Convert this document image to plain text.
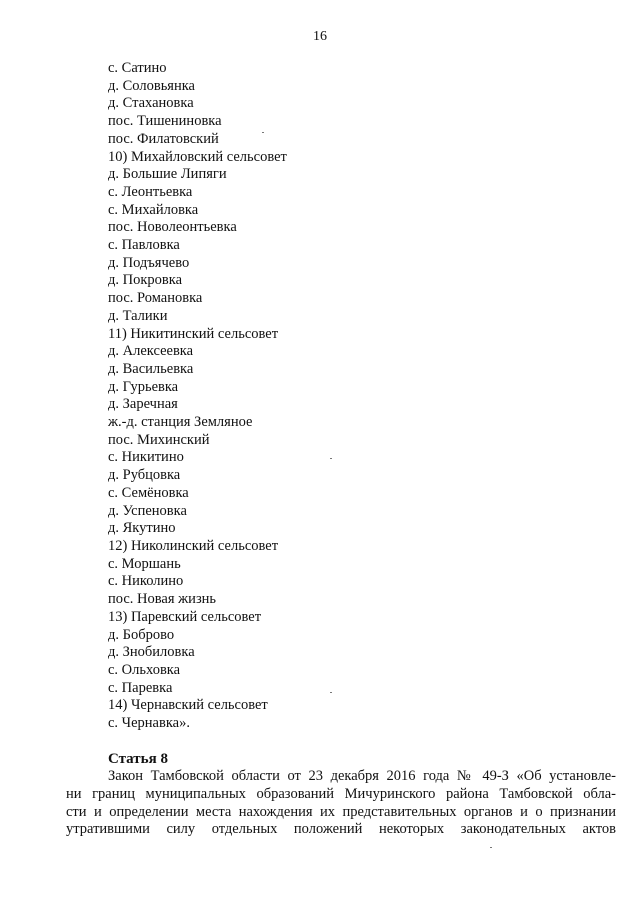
16
с. Сатино
д. Соловьянка
д. Стахановка
пос. Тишениновка
пос. Филатовский
10) Михайловский сельсовет
д. Большие Липяги
с. Леонтьевка
с. Михайловка
пос. Новолеонтьевка
с. Павловка
д. Подъячево
д. Покровка
пос. Романовка
д. Талики
11) Никитинский сельсовет
д. Алексеевка
д. Васильевка
д. Гурьевка
д. Заречная
ж.-д. станция Земляное
пос. Михинский
с. Никитино
д. Рубцовка
с. Семёновка
д. Успеновка
д. Якутино
12) Николинский сельсовет
с. Моршань
с. Николино
пос. Новая жизнь
13) Паревский сельсовет
д. Боброво
д. Знобиловка
с. Ольховка
с. Паревка
14) Чернавский сельсовет
с. Чернавка».
Статья 8
Закон Тамбовской области от 23 декабря 2016 года № 49-З «Об установле-
ни границ муниципальных образований Мичуринского района Тамбовской обла-
сти и определении места нахождения их представительных органов и о признании
утратившими силу отдельных положений некоторых законодательных актов
